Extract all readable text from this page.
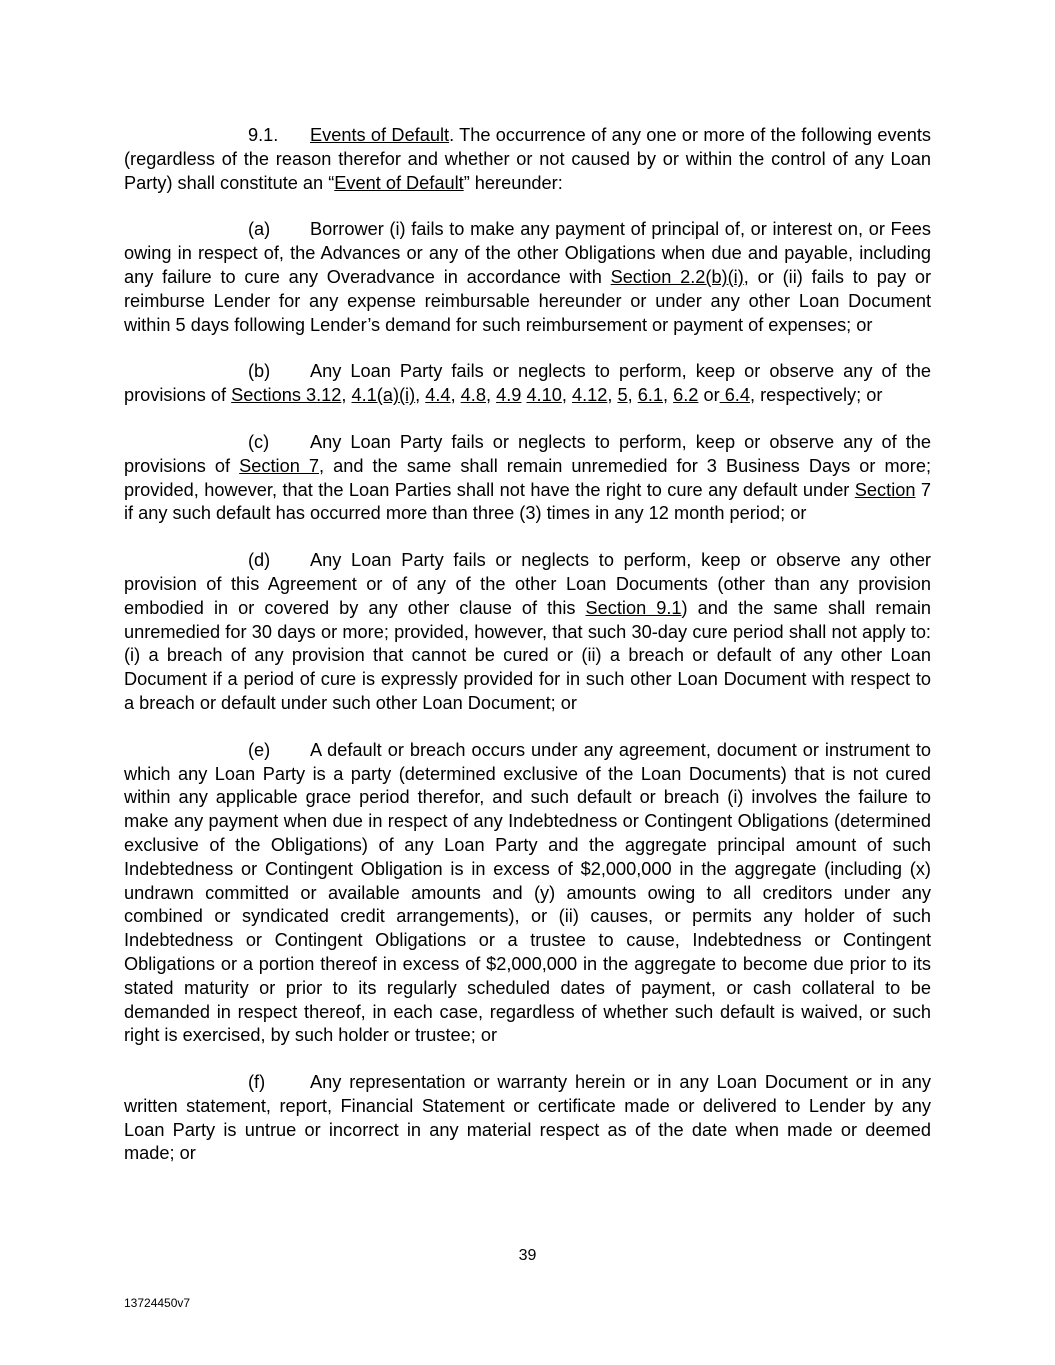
9.1. Events of Default. The occurrence of any one or more of the following events (regardless of the reason therefor and whether or not caused by or within the control of any Loan Party) shall constitute an “Event of Default” hereunder:

(a) Borrower (i) fails to make any payment of principal of, or interest on, or Fees owing in respect of, the Advances or any of the other Obligations when due and payable, including any failure to cure any Overadvance in accordance with Section 2.2(b)(i), or (ii) fails to pay or reimburse Lender for any expense reimbursable hereunder or under any other Loan Document within 5 days following Lender’s demand for such reimbursement or payment of expenses; or

(b) Any Loan Party fails or neglects to perform, keep or observe any of the provisions of Sections 3.12, 4.1(a)(i), 4.4, 4.8, 4.9 4.10, 4.12, 5, 6.1, 6.2 or 6.4, respectively; or

(c) Any Loan Party fails or neglects to perform, keep or observe any of the provisions of Section 7, and the same shall remain unremedied for 3 Business Days or more; provided, however, that the Loan Parties shall not have the right to cure any default under Section 7 if any such default has occurred more than three (3) times in any 12 month period; or

(d) Any Loan Party fails or neglects to perform, keep or observe any other provision of this Agreement or of any of the other Loan Documents (other than any provision embodied in or covered by any other clause of this Section 9.1) and the same shall remain unremedied for 30 days or more; provided, however, that such 30-day cure period shall not apply to: (i) a breach of any provision that cannot be cured or (ii) a breach or default of any other Loan Document if a period of cure is expressly provided for in such other Loan Document with respect to a breach or default under such other Loan Document; or

(e) A default or breach occurs under any agreement, document or instrument to which any Loan Party is a party (determined exclusive of the Loan Documents) that is not cured within any applicable grace period therefor, and such default or breach (i) involves the failure to make any payment when due in respect of any Indebtedness or Contingent Obligations (determined exclusive of the Obligations) of any Loan Party and the aggregate principal amount of such Indebtedness or Contingent Obligation is in excess of $2,000,000 in the aggregate (including (x) undrawn committed or available amounts and (y) amounts owing to all creditors under any combined or syndicated credit arrangements), or (ii) causes, or permits any holder of such Indebtedness or Contingent Obligations or a trustee to cause, Indebtedness or Contingent Obligations or a portion thereof in excess of $2,000,000 in the aggregate to become due prior to its stated maturity or prior to its regularly scheduled dates of payment, or cash collateral to be demanded in respect thereof, in each case, regardless of whether such default is waived, or such right is exercised, by such holder or trustee; or

(f) Any representation or warranty herein or in any Loan Document or in any written statement, report, Financial Statement or certificate made or delivered to Lender by any Loan Party is untrue or incorrect in any material respect as of the date when made or deemed made; or

39
13724450v7
